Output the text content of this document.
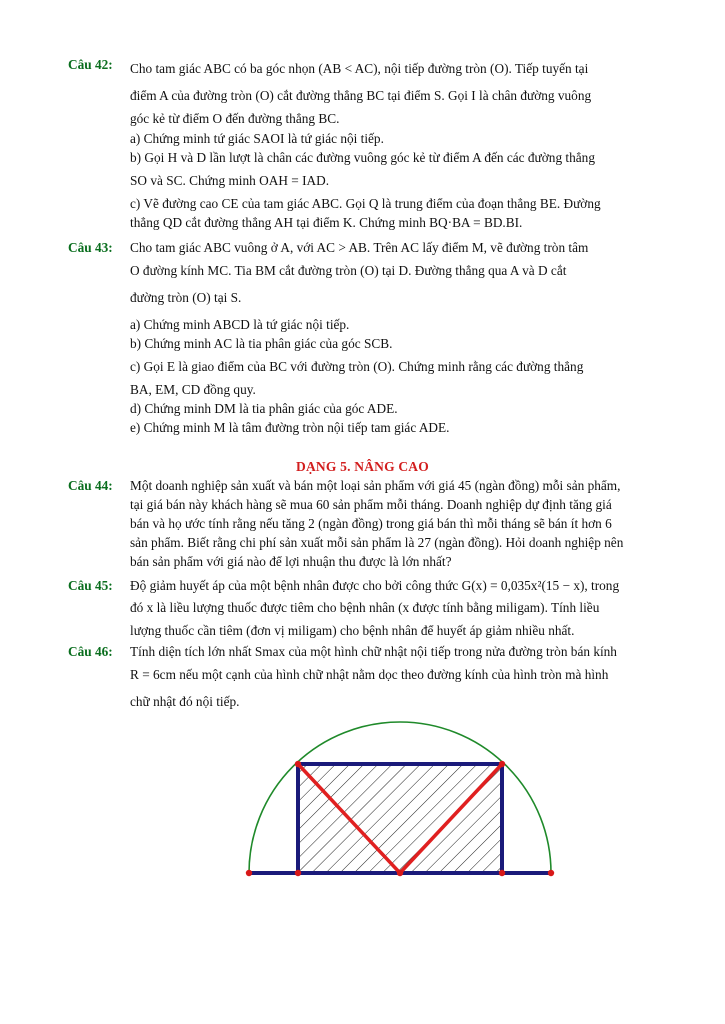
Câu 42:	Cho tam giác ABC có ba góc nhọn (AB < AC), nội tiếp đường tròn (O). Tiếp tuyến tại

điểm A của đường tròn (O) cắt đường thẳng BC tại điểm S. Gọi I là chân đường vuông

góc kẻ từ điểm O đến đường thẳng BC.

a) Chứng minh tứ giác SAOI là tứ giác nội tiếp.

b) Gọi H và D lần lượt là chân các đường vuông góc kẻ từ điểm A đến các đường thẳng

SO và SC. Chứng minh OAH = IAD.

c) Vẽ đường cao CE của tam giác ABC. Gọi Q là trung điểm của đoạn thẳng BE. Đường

thẳng QD cắt đường thẳng AH tại điểm K. Chứng minh BQ·BA = BD.BI.

Câu 43:	Cho tam giác ABC vuông ở A, với AC > AB. Trên AC lấy điểm M, vẽ đường tròn tâm

O đường kính MC. Tia BM cắt đường tròn (O) tại D. Đường thẳng qua A và D cắt

đường tròn (O) tại S.

a) Chứng minh ABCD là tứ giác nội tiếp.

b) Chứng minh AC là tia phân giác của góc SCB.

c) Gọi E là giao điểm của BC với đường tròn (O). Chứng minh rằng các đường thẳng

BA, EM, CD đồng quy.

d) Chứng minh DM là tia phân giác của góc ADE.

e) Chứng minh M là tâm đường tròn nội tiếp tam giác ADE.

DẠNG 5. NÂNG CAO
Câu 44:	Một doanh nghiệp sản xuất và bán một loại sản phẩm với giá 45 (ngàn đồng) mỗi sản phẩm,

tại giá bán này khách hàng sẽ mua 60 sản phẩm mỗi tháng. Doanh nghiệp dự định tăng giá

bán và họ ước tính rằng nếu tăng 2 (ngàn đồng) trong giá bán thì mỗi tháng sẽ bán ít hơn 6

sản phẩm. Biết rằng chi phí sản xuất mỗi sản phẩm là 27 (ngàn đồng). Hỏi doanh nghiệp nên

bán sản phẩm với giá nào để lợi nhuận thu được là lớn nhất?

Câu 45:	Độ giảm huyết áp của một bệnh nhân được cho bởi công thức G(x) = 0,035x²(15 − x), trong

đó x là liều lượng thuốc được tiêm cho bệnh nhân (x được tính bằng miligam). Tính liều

lượng thuốc cần tiêm (đơn vị miligam) cho bệnh nhân để huyết áp giảm nhiều nhất.

Câu 46:	Tính diện tích lớn nhất Smax của một hình chữ nhật nội tiếp trong nửa đường tròn bán kính

R = 6cm nếu một cạnh của hình chữ nhật nằm dọc theo đường kính của hình tròn mà hình

chữ nhật đó nội tiếp.
